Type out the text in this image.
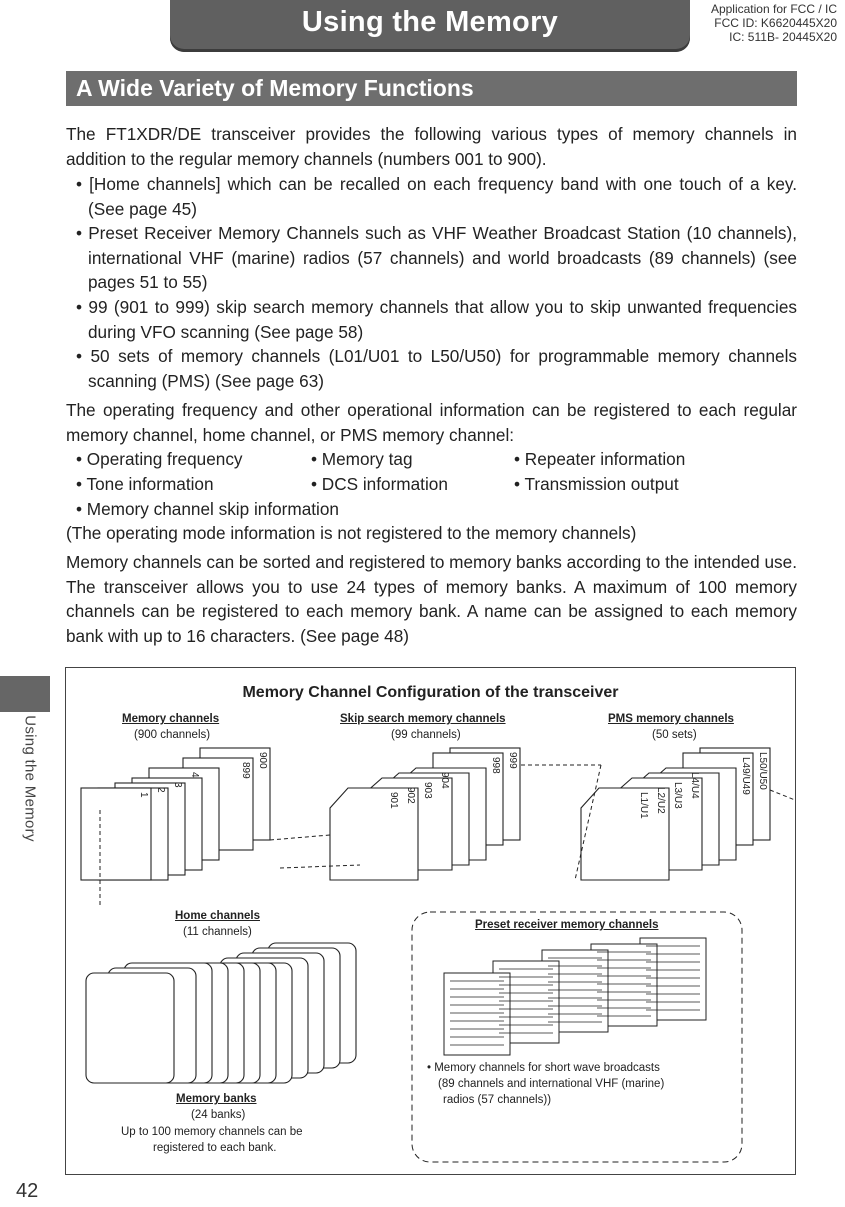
Using the Memory	Application for FCC / IC
FCC ID: K6620445X20
IC: 511B- 20445X20
Using the Memory
42
A Wide Variety of Memory Functions
The FT1XDR/DE transceiver provides the following various types of memory channels in addition to the regular memory channels (numbers 001 to 900).
• [Home channels] which can be recalled on each frequency band with one touch of a key. (See page 45)
• Preset Receiver Memory Channels such as VHF Weather Broadcast Station (10 channels), international VHF (marine) radios (57 channels) and world broadcasts (89 channels) (see pages 51 to 55)
• 99 (901 to 999) skip search memory channels that allow you to skip unwanted frequencies during VFO scanning (See page 58)
• 50 sets of memory channels (L01/U01 to L50/U50) for programmable memory channels scanning (PMS) (See page 63)
The operating frequency and other operational information can be registered to each regular memory channel, home channel, or PMS memory channel:
• Operating frequency	• Memory tag	• Repeater information
• Tone information	• DCS information	• Transmission output
• Memory channel skip information
(The operating mode information is not registered to the memory channels)
Memory channels can be sorted and registered to memory banks according to the intended use. The transceiver allows you to use 24 types of memory banks. A maximum of 100 memory channels can be registered to each memory bank. A name can be assigned to each memory bank with up to 16 characters. (See page 48)
Memory Channel Configuration of the transceiver
Memory channels
(900 channels)
Skip search memory channels
(99 channels)
PMS memory channels
(50 sets)
Home channels
(11 channels)
Memory banks
(24 banks)
Up to 100 memory channels can be
registered to each bank.
Preset receiver memory channels
• Memory channels for short wave broadcasts
(89 channels and international VHF (marine)
radios (57 channels))
1
2
3
4	899
900
901 902 903
904
998 999
L1/U1 L2/U2 L3/U3 L4/U4	L49/U49 L50/U50
